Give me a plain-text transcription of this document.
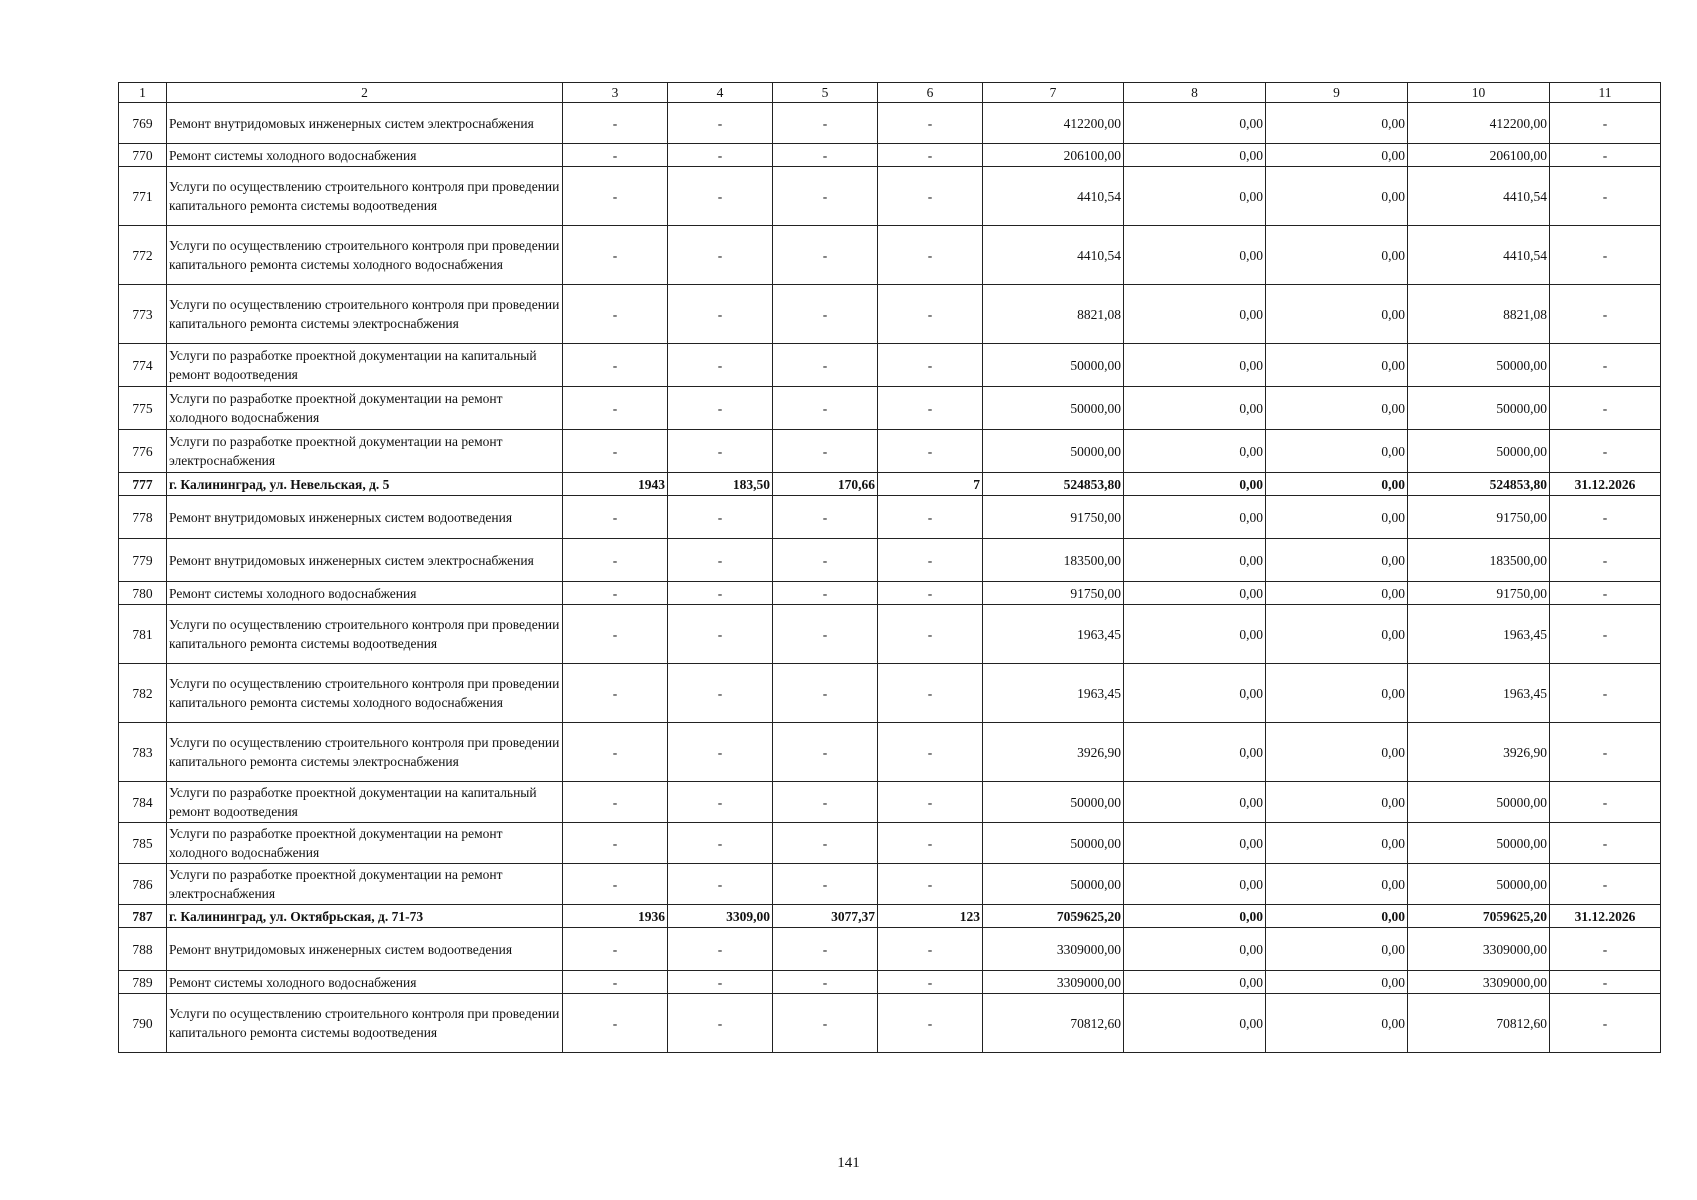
1	2	3	4	5	6	7	8	9	10	11
769	Ремонт внутридомовых инженерных систем электроснабжения	-	-	-	-	412200,00	0,00	0,00	412200,00	-
770	Ремонт системы холодного водоснабжения	-	-	-	-	206100,00	0,00	0,00	206100,00	-
771	Услуги по осуществлению строительного контроля при проведении капитального ремонта системы водоотведения	-	-	-	-	4410,54	0,00	0,00	4410,54	-
772	Услуги по осуществлению строительного контроля при проведении капитального ремонта системы холодного водоснабжения	-	-	-	-	4410,54	0,00	0,00	4410,54	-
773	Услуги по осуществлению строительного контроля при проведении капитального ремонта системы электроснабжения	-	-	-	-	8821,08	0,00	0,00	8821,08	-
774	Услуги по разработке проектной документации на капитальный ремонт водоотведения	-	-	-	-	50000,00	0,00	0,00	50000,00	-
775	Услуги по разработке проектной документации на ремонт холодного водоснабжения	-	-	-	-	50000,00	0,00	0,00	50000,00	-
776	Услуги по разработке проектной документации на ремонт электроснабжения	-	-	-	-	50000,00	0,00	0,00	50000,00	-
777	г. Калининград, ул. Невельская, д. 5	1943	183,50	170,66	7	524853,80	0,00	0,00	524853,80	31.12.2026
778	Ремонт внутридомовых инженерных систем водоотведения	-	-	-	-	91750,00	0,00	0,00	91750,00	-
779	Ремонт внутридомовых инженерных систем электроснабжения	-	-	-	-	183500,00	0,00	0,00	183500,00	-
780	Ремонт системы холодного водоснабжения	-	-	-	-	91750,00	0,00	0,00	91750,00	-
781	Услуги по осуществлению строительного контроля при проведении капитального ремонта системы водоотведения	-	-	-	-	1963,45	0,00	0,00	1963,45	-
782	Услуги по осуществлению строительного контроля при проведении капитального ремонта системы холодного водоснабжения	-	-	-	-	1963,45	0,00	0,00	1963,45	-
783	Услуги по осуществлению строительного контроля при проведении капитального ремонта системы электроснабжения	-	-	-	-	3926,90	0,00	0,00	3926,90	-
784	Услуги по разработке проектной документации на капитальный ремонт водоотведения	-	-	-	-	50000,00	0,00	0,00	50000,00	-
785	Услуги по разработке проектной документации на ремонт холодного водоснабжения	-	-	-	-	50000,00	0,00	0,00	50000,00	-
786	Услуги по разработке проектной документации на ремонт электроснабжения	-	-	-	-	50000,00	0,00	0,00	50000,00	-
787	г. Калининград, ул. Октябрьская, д. 71-73	1936	3309,00	3077,37	123	7059625,20	0,00	0,00	7059625,20	31.12.2026
788	Ремонт внутридомовых инженерных систем водоотведения	-	-	-	-	3309000,00	0,00	0,00	3309000,00	-
789	Ремонт системы холодного водоснабжения	-	-	-	-	3309000,00	0,00	0,00	3309000,00	-
790	Услуги по осуществлению строительного контроля при проведении капитального ремонта системы водоотведения	-	-	-	-	70812,60	0,00	0,00	70812,60	-
141
